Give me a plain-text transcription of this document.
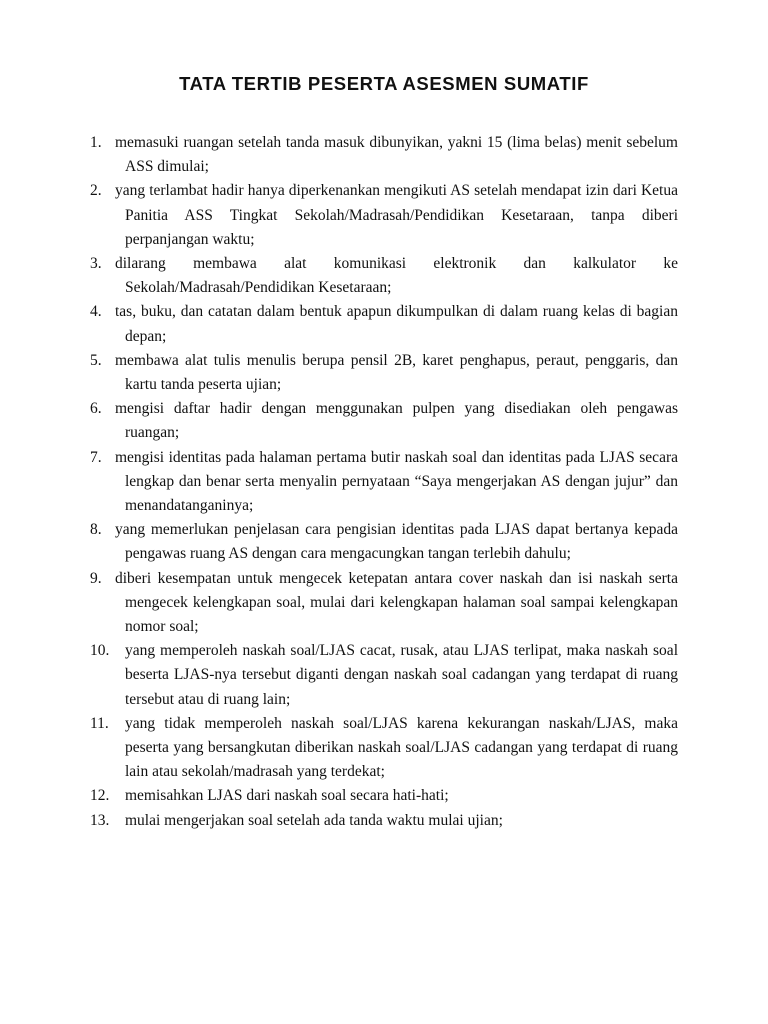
TATA TERTIB PESERTA ASESMEN SUMATIF
1. memasuki ruangan setelah tanda masuk dibunyikan, yakni 15 (lima belas) menit sebelum ASS dimulai;
2. yang terlambat hadir hanya diperkenankan mengikuti AS setelah mendapat izin dari Ketua Panitia ASS Tingkat Sekolah/Madrasah/Pendidikan Kesetaraan, tanpa diberi perpanjangan waktu;
3. dilarang membawa alat komunikasi elektronik dan kalkulator ke Sekolah/Madrasah/Pendidikan Kesetaraan;
4. tas, buku, dan catatan dalam bentuk apapun dikumpulkan di dalam ruang kelas di bagian depan;
5. membawa alat tulis menulis berupa pensil 2B, karet penghapus, peraut, penggaris, dan kartu tanda peserta ujian;
6. mengisi daftar hadir dengan menggunakan pulpen yang disediakan oleh pengawas ruangan;
7. mengisi identitas pada halaman pertama butir naskah soal dan identitas pada LJAS secara lengkap dan benar serta menyalin pernyataan “Saya mengerjakan AS dengan jujur” dan menandatanganinya;
8. yang memerlukan penjelasan cara pengisian identitas pada LJAS dapat bertanya kepada pengawas ruang AS dengan cara mengacungkan tangan terlebih dahulu;
9. diberi kesempatan untuk mengecek ketepatan antara cover naskah dan isi naskah serta mengecek kelengkapan soal, mulai dari kelengkapan halaman soal sampai kelengkapan nomor soal;
10. yang memperoleh naskah soal/LJAS cacat, rusak, atau LJAS terlipat, maka naskah soal beserta LJAS-nya tersebut diganti dengan naskah soal cadangan yang terdapat di ruang tersebut atau di ruang lain;
11. yang tidak memperoleh naskah soal/LJAS karena kekurangan naskah/LJAS, maka peserta yang bersangkutan diberikan naskah soal/LJAS cadangan yang terdapat di ruang lain atau sekolah/madrasah yang terdekat;
12. memisahkan LJAS dari naskah soal secara hati-hati;
13. mulai mengerjakan soal setelah ada tanda waktu mulai ujian;
